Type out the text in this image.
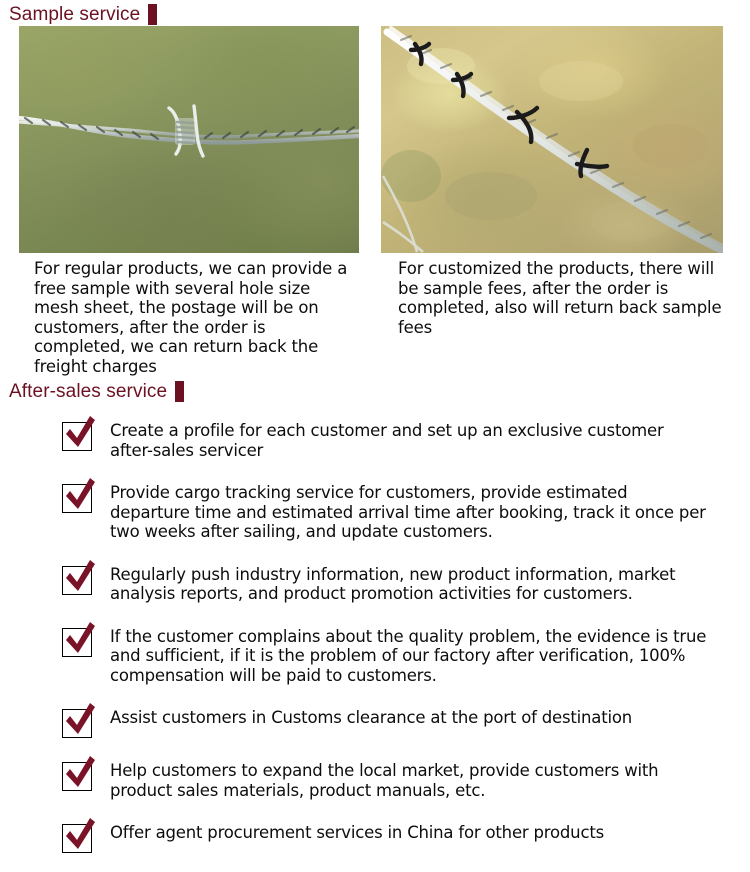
Sample service
For regular products, we can provide a free sample with several hole size mesh sheet, the postage will be on customers, after the order is completed, we can return back the freight charges
For customized the products, there will be sample fees, after the order is completed, also will return back sample fees
After-sales service
Create a profile for each customer and set up an exclusive customer after-sales servicer
Provide cargo tracking service for customers, provide estimated departure time and estimated arrival time after booking, track it once per two weeks after sailing, and update customers.
Regularly push industry information, new product information, market analysis reports, and product promotion activities for customers.
If the customer complains about the quality problem, the evidence is true and sufficient, if it is the problem of our factory after verification, 100% compensation will be paid to customers.
Assist customers in Customs clearance at the port of destination
Help customers to expand the local market, provide customers with product sales materials, product manuals, etc.
Offer agent procurement services in China for other products
